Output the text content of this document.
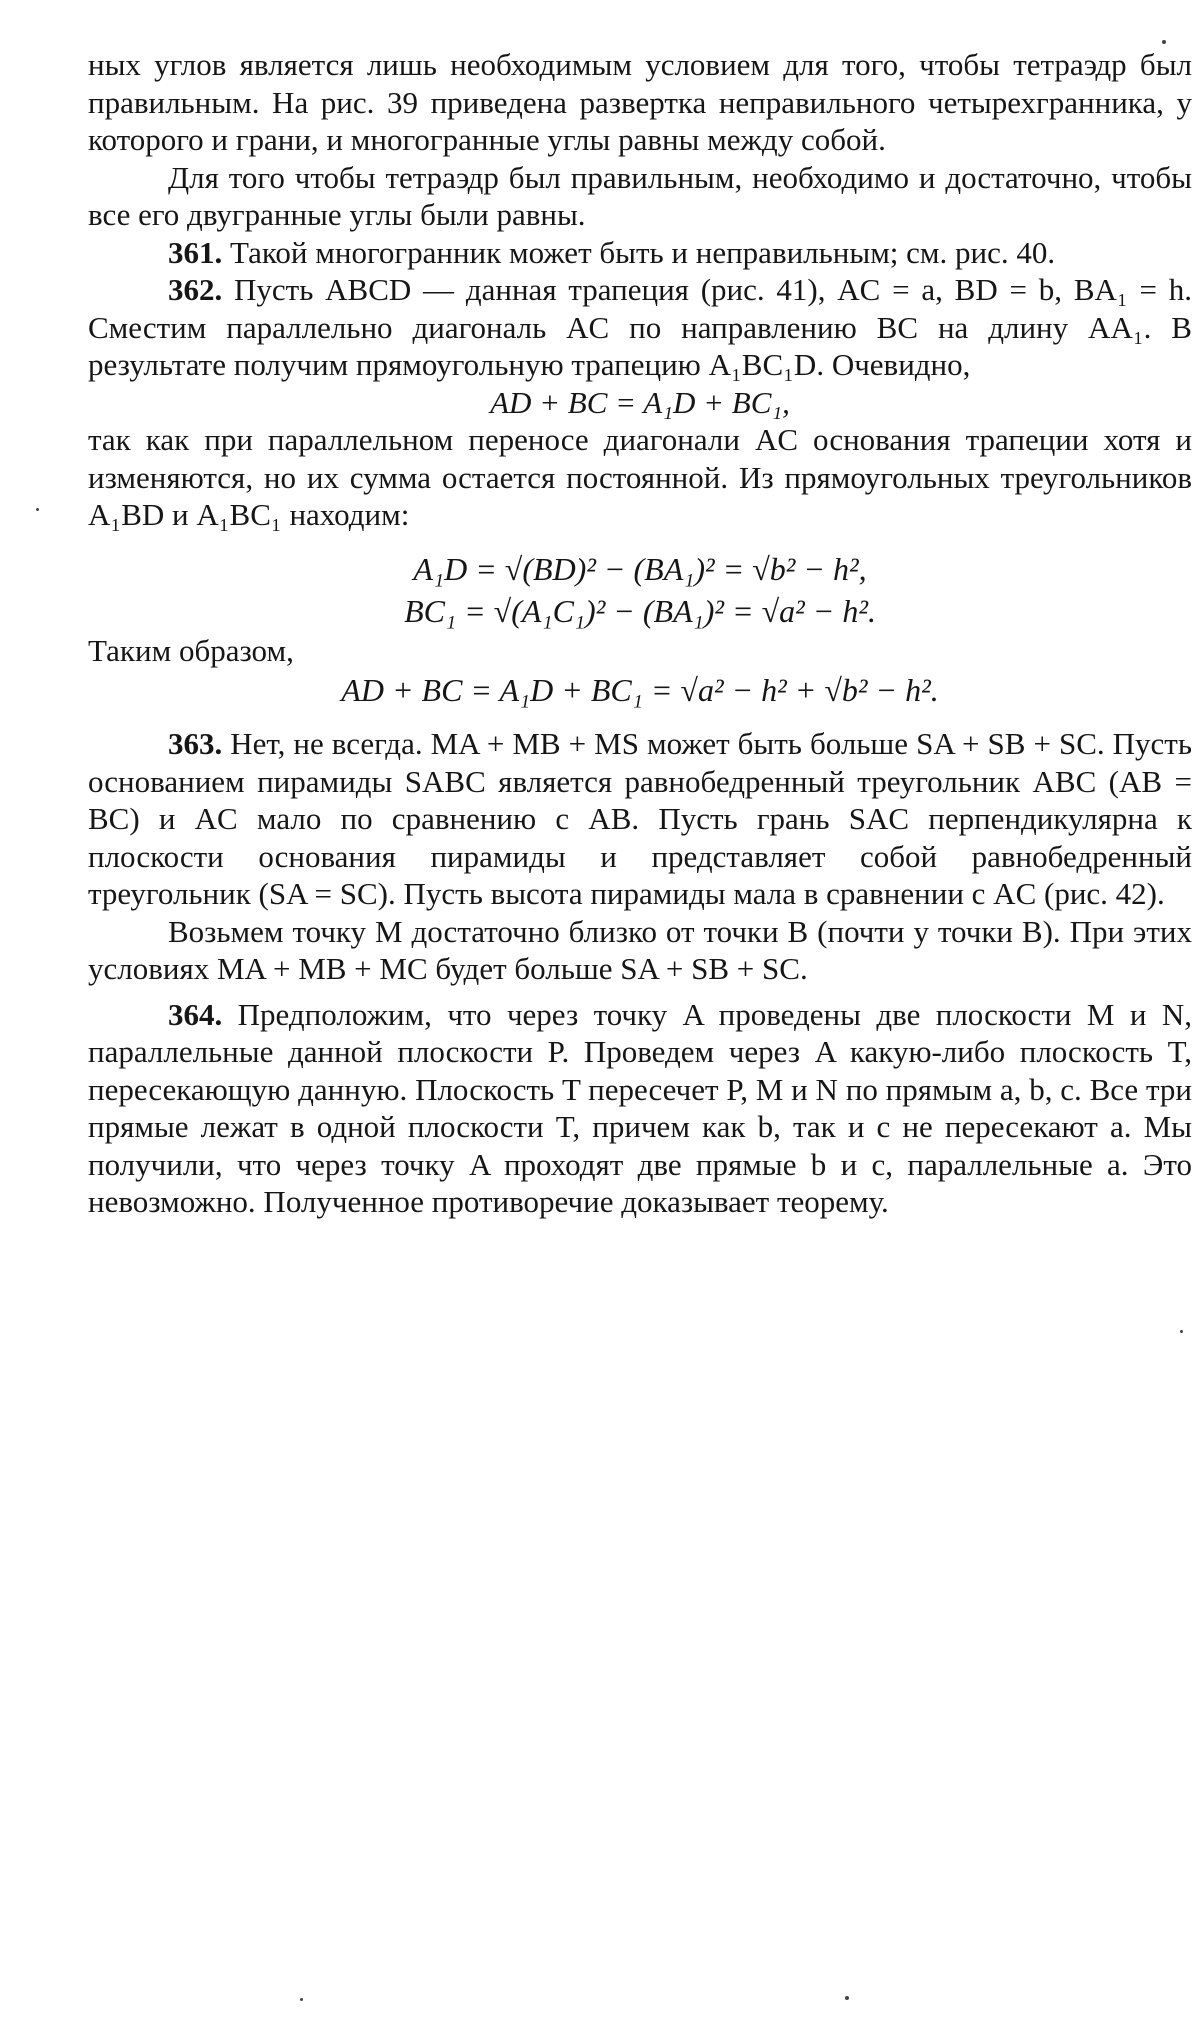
ных углов является лишь необходимым условием для того, чтобы тетраэдр был правильным. На рис. 39 приведена развертка неправильного четырехгранника, у которого и грани, и многогранные углы равны между собой.

Для того чтобы тетраэдр был правильным, необходимо и достаточно, чтобы все его двугранные углы были равны.

361. Такой многогранник может быть и неправильным; см. рис. 40.

362. Пусть ABCD — данная трапеция (рис. 41), AC = a, BD = b, BA₁ = h. Сместим параллельно диагональ AC по направлению BC на длину AA₁. В результате получим прямоугольную трапецию A₁BC₁D. Очевидно,

AD + BC = A₁D + BC₁,

так как при параллельном переносе диагонали AC основания трапеции хотя и изменяются, но их сумма остается постоянной. Из прямоугольных треугольников A₁BD и A₁BC₁ находим:

A₁D = √(BD)² − (BA₁)² = √b² − h²,

BC₁ = √(A₁C₁)² − (BA₁)² = √a² − h².

Таким образом,

AD + BC = A₁D + BC₁ = √a² − h² + √b² − h².

363. Нет, не всегда. MA + MB + MS может быть больше SA + SB + SC. Пусть основанием пирамиды SABC является равнобедренный треугольник ABC (AB = BC) и AC мало по сравнению с AB. Пусть грань SAC перпендикулярна к плоскости основания пирамиды и представляет собой равнобедренный треугольник (SA = SC). Пусть высота пирамиды мала в сравнении с AC (рис. 42).

Возьмем точку M достаточно близко от точки B (почти у точки B). При этих условиях MA + MB + MC будет больше SA + SB + SC.

364. Предположим, что через точку A проведены две плоскости M и N, параллельные данной плоскости P. Проведем через A какую-либо плоскость T, пересекающую данную. Плоскость T пересечет P, M и N по прямым a, b, c. Все три прямые лежат в одной плоскости T, причем как b, так и c не пересекают a. Мы получили, что через точку A проходят две прямые b и c, параллельные a. Это невозможно. Полученное противоречие доказывает теорему.
